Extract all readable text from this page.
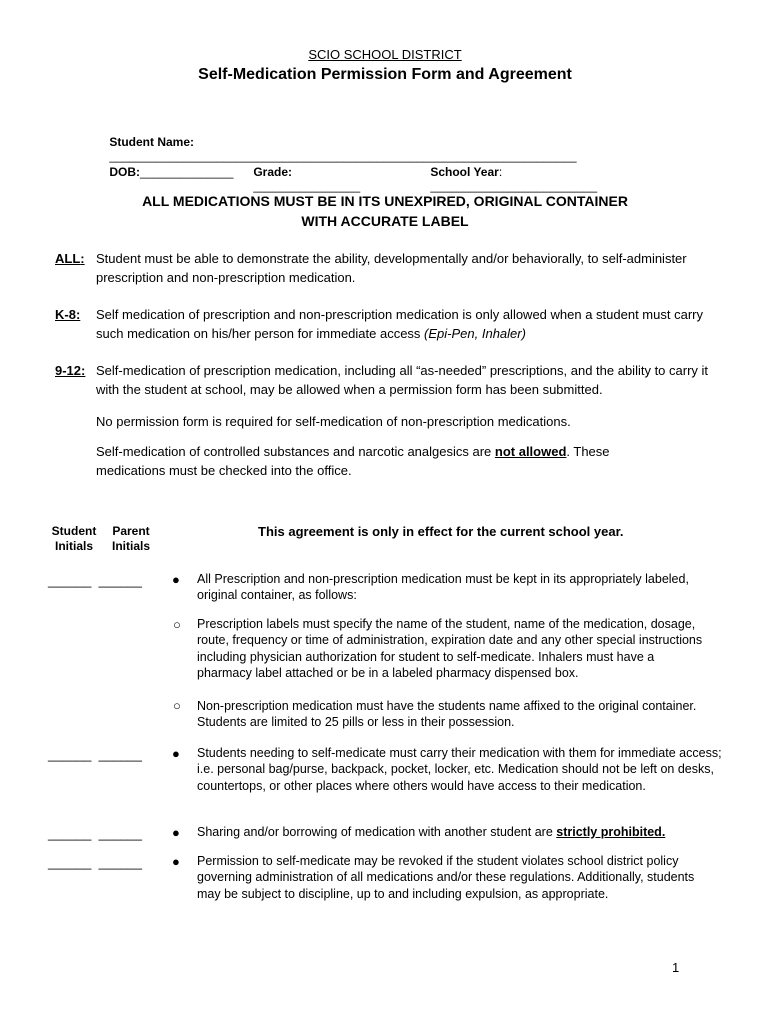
SCIO SCHOOL DISTRICT
Self-Medication Permission Form and Agreement

Student Name:
______________________________________________________________________

DOB:______________
	Grade:
________________

School Year:
_________________________

ALL MEDICATIONS MUST BE IN ITS UNEXPIRED, ORIGINAL CONTAINER
WITH ACCURATE LABEL
ALL: Student must be able to demonstrate the ability, developmentally and/or behaviorally, to self-administer prescription and non-prescription medication.
K-8: Self medication of prescription and non-prescription medication is only allowed when a student must carry such medication on his/her person for immediate access (Epi-Pen, Inhaler)
9-12: Self-medication of prescription medication, including all “as-needed” prescriptions, and the ability to carry it with the student at school, may be allowed when a permission form has been submitted.
No permission form is required for self-medication of non-prescription medications.
Self-medication of controlled substances and narcotic analgesics are not allowed. These medications must be checked into the office.
Student
Initials
Parent
Initials
This agreement is only in effect for the current school year.
______  ______ ● All Prescription and non-prescription medication must be kept in its appropriately labeled, original container, as follows:
○ Prescription labels must specify the name of the student, name of the medication, dosage, route, frequency or time of administration, expiration date and any other special instructions including physician authorization for student to self-medicate. Inhalers must have a pharmacy label attached or be in a labeled pharmacy dispensed box.
○ Non-prescription medication must have the students name affixed to the original container. Students are limited to 25 pills or less in their possession.
______  ______ ● Students needing to self-medicate must carry their medication with them for immediate access; i.e. personal bag/purse, backpack, pocket, locker, etc. Medication should not be left on desks, countertops, or other places where others would have access to their medication.
______  ______ ● Sharing and/or borrowing of medication with another student are strictly prohibited.
______  ______ ● Permission to self-medicate may be revoked if the student violates school district policy governing administration of all medications and/or these regulations. Additionally, students may be subject to discipline, up to and including expulsion, as appropriate.
1
